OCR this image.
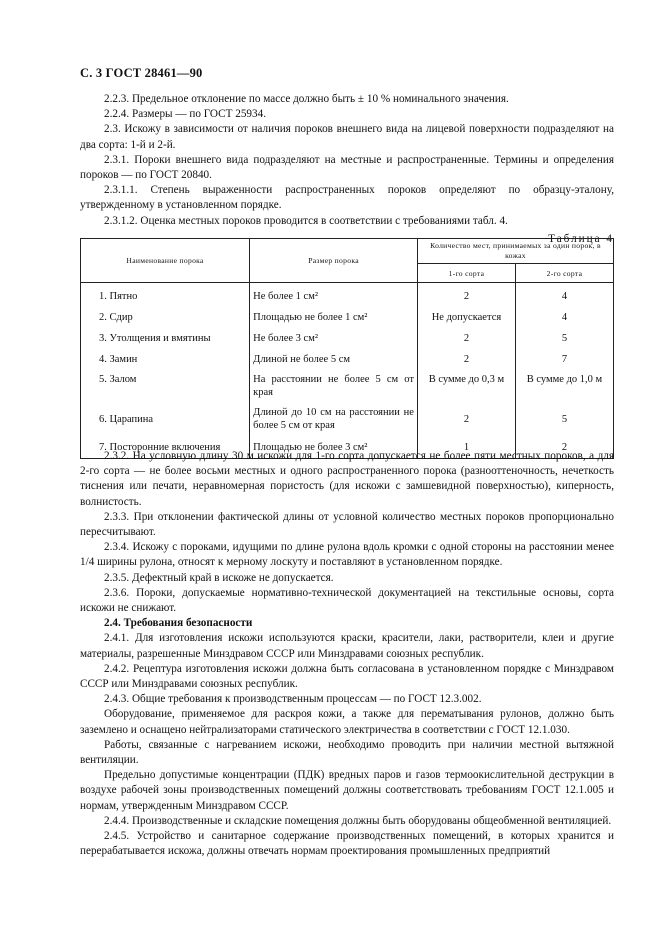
С. 3 ГОСТ 28461—90

2.2.3. Предельное отклонение по массе должно быть ± 10 % номинального значения.

2.2.4. Размеры — по ГОСТ 25934.

2.3. Искожу в зависимости от наличия пороков внешнего вида на лицевой поверхности подразделяют на два сорта: 1-й и 2-й.

2.3.1. Пороки внешнего вида подразделяют на местные и распространенные. Термины и определения пороков — по ГОСТ 20840.

2.3.1.1. Степень выраженности распространенных пороков определяют по образцу-эталону, утвержденному в установленном порядке.

2.3.1.2. Оценка местных пороков проводится в соответствии с требованиями табл. 4.

Таблица 4

Наименование порока	Размер порока	Количество мест, принимаемых за один порок, в кожах	
		1-го сорта	2-го сорта
1. Пятно	Не более 1 см²	2	4
2. Сдир	Площадью не более 1 см²	Не допускается	4
3. Утолщения и вмятины	Не более 3 см²	2	5
4. Замин	Длиной не более 5 см	2	7
5. Залом	На расстоянии не более 5 см от края	В сумме до 0,3 м	В сумме до 1,0 м
6. Царапина	Длиной до 10 см на расстоянии не более 5 см от края	2	5
7. Посторонние включения	Площадью не более 3 см²	1	2

2.3.2. На условную длину 30 м искожи для 1-го сорта допускается не более пяти местных пороков, а для 2-го сорта — не более восьми местных и одного распространенного порока (разнооттеночность, нечеткость тиснения или печати, неравномерная пористость (для искожи с замшевидной поверхностью), киперность, волнистость.

2.3.3. При отклонении фактической длины от условной количество местных пороков пропорционально пересчитывают.

2.3.4. Искожу с пороками, идущими по длине рулона вдоль кромки с одной стороны на расстоянии менее 1/4 ширины рулона, относят к мерному лоскуту и поставляют в установленном порядке.

2.3.5. Дефектный край в искоже не допускается.

2.3.6. Пороки, допускаемые нормативно-технической документацией на текстильные основы, сорта искожи не снижают.

2.4. Требования безопасности

2.4.1. Для изготовления искожи используются краски, красители, лаки, растворители, клеи и другие материалы, разрешенные Минздравом СССР или Минздравами союзных республик.

2.4.2. Рецептура изготовления искожи должна быть согласована в установленном порядке с Минздравом СССР или Минздравами союзных республик.

2.4.3. Общие требования к производственным процессам — по ГОСТ 12.3.002.

Оборудование, применяемое для раскроя кожи, а также для перематывания рулонов, должно быть заземлено и оснащено нейтрализаторами статического электричества в соответствии с ГОСТ 12.1.030.

Работы, связанные с нагреванием искожи, необходимо проводить при наличии местной вытяжной вентиляции.

Предельно допустимые концентрации (ПДК) вредных паров и газов термоокислительной деструкции в воздухе рабочей зоны производственных помещений должны соответствовать требованиям ГОСТ 12.1.005 и нормам, утвержденным Минздравом СССР.

2.4.4. Производственные и складские помещения должны быть оборудованы общеобменной вентиляцией.

2.4.5. Устройство и санитарное содержание производственных помещений, в которых хранится и перерабатывается искожа, должны отвечать нормам проектирования промышленных предприятий
